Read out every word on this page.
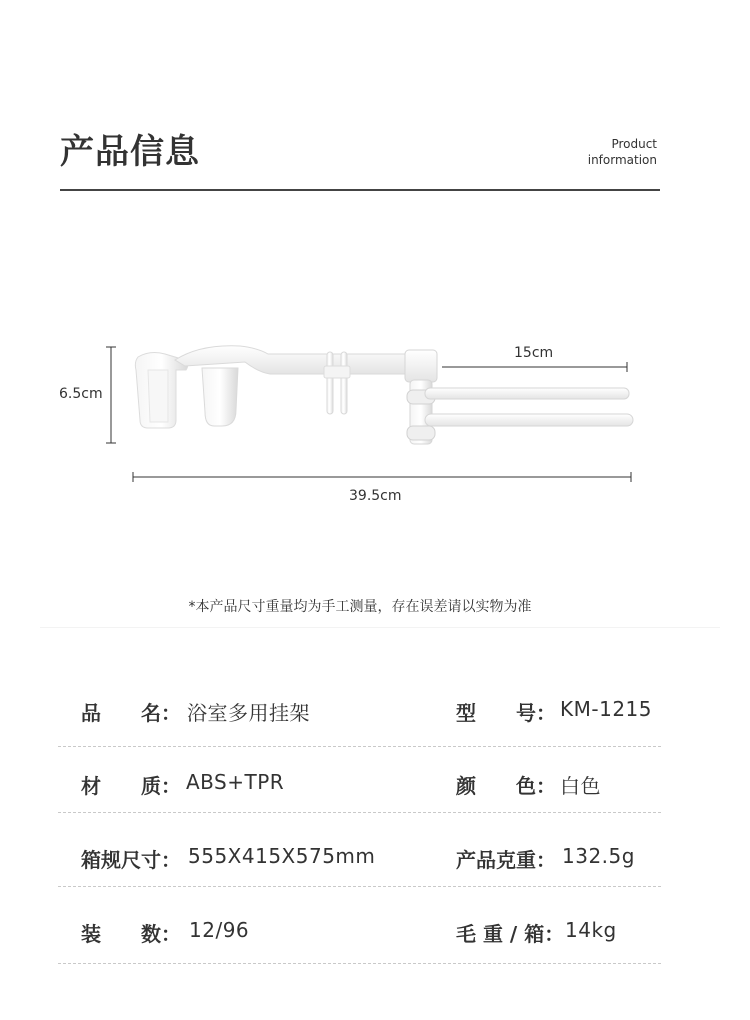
产品信息	Product
information
6.5cm
15cm
39.5cm
*本产品尺寸重量均为手工测量，存在误差请以实物为准
品　　名： 浴室多用挂架	型　　号： KM-1215
材　　质： ABS+TPR	颜　　色： 白色
箱规尺寸： 555X415X575mm	产品克重： 132.5g
装　　数： 12/96	毛 重 / 箱： 14kg
